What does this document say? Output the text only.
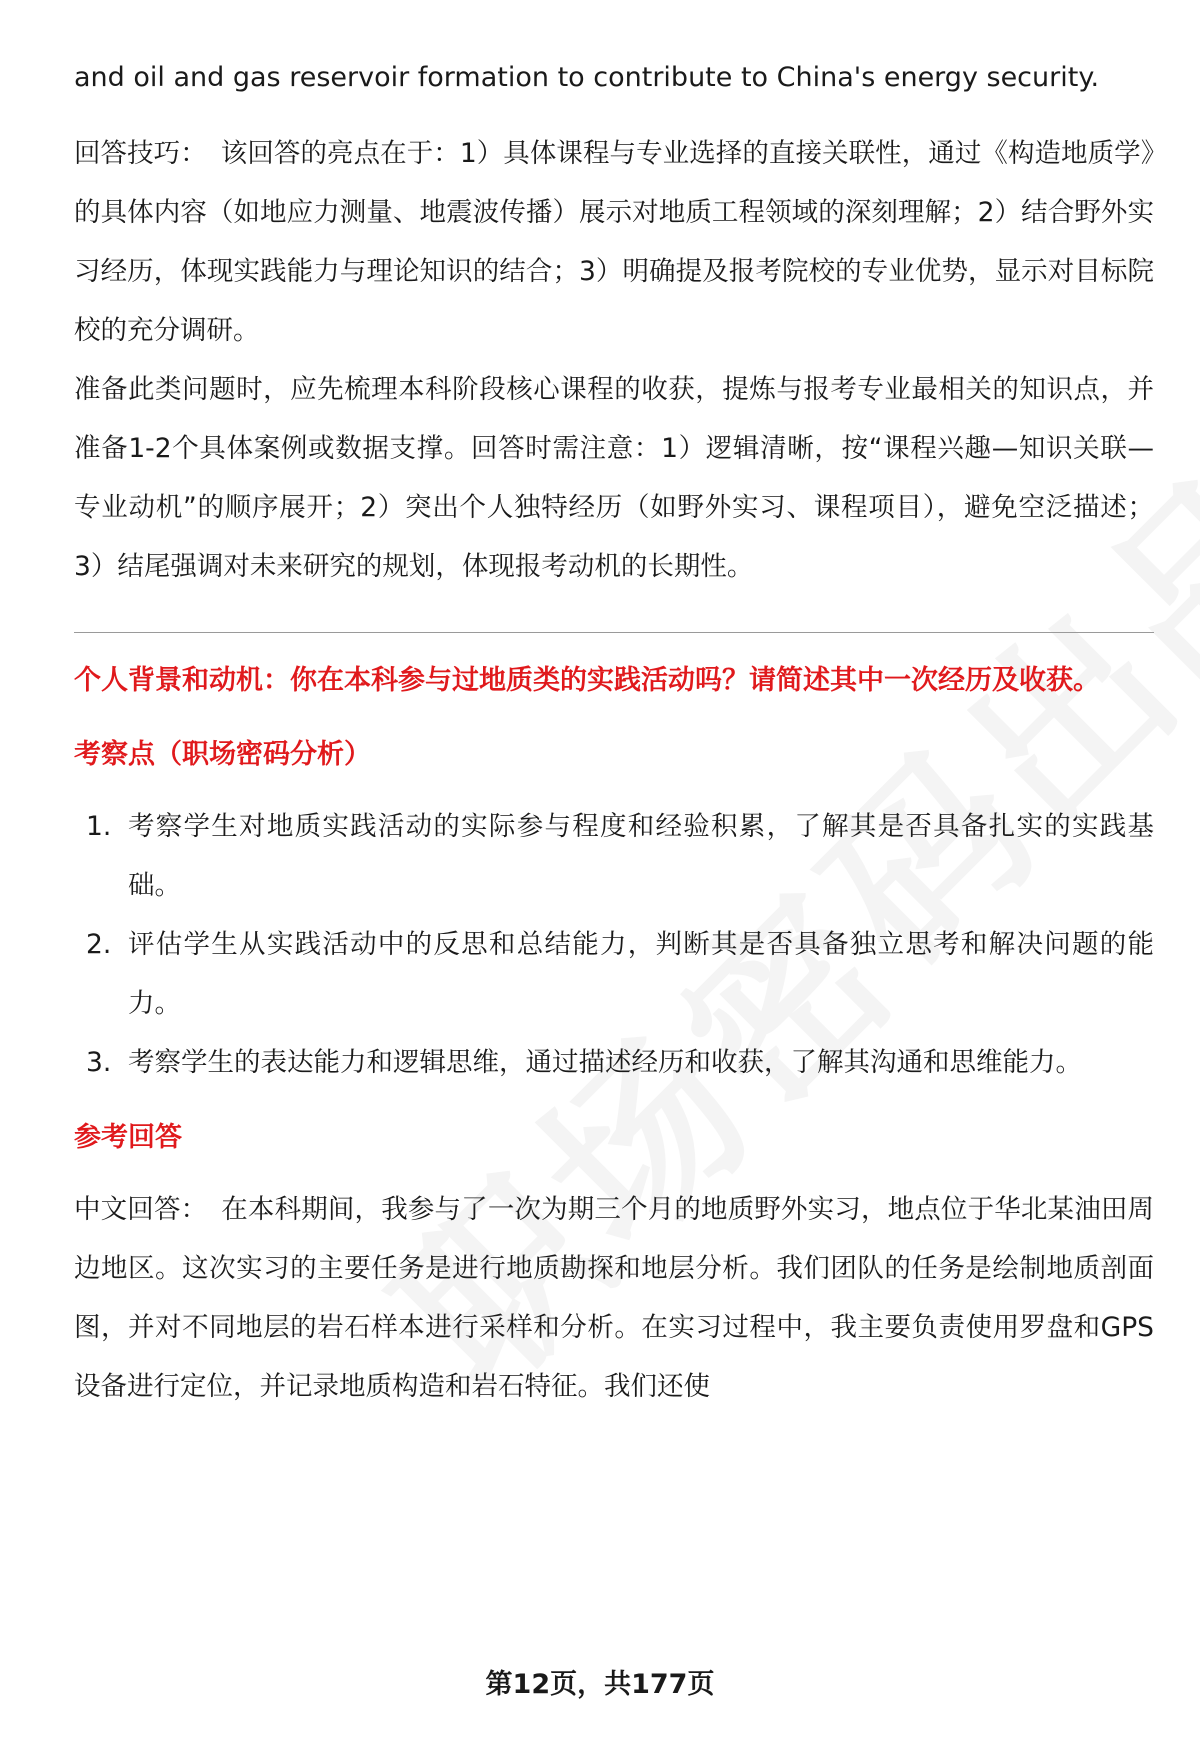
and oil and gas reservoir formation to contribute to China's energy security.

回答技巧： 该回答的亮点在于：1）具体课程与专业选择的直接关联性，通过《构造地质学》的具体内容（如地应力测量、地震波传播）展示对地质工程领域的深刻理解；2）结合野外实习经历，体现实践能力与理论知识的结合；3）明确提及报考院校的专业优势，显示对目标院校的充分调研。

准备此类问题时，应先梳理本科阶段核心课程的收获，提炼与报考专业最相关的知识点，并准备1-2个具体案例或数据支撑。回答时需注意：1）逻辑清晰，按“课程兴趣—知识关联—专业动机”的顺序展开；2）突出个人独特经历（如野外实习、课程项目），避免空泛描述；3）结尾强调对未来研究的规划，体现报考动机的长期性。

个人背景和动机：你在本科参与过地质类的实践活动吗？请简述其中一次经历及收获。

考察点（职场密码分析）

1. 考察学生对地质实践活动的实际参与程度和经验积累，了解其是否具备扎实的实践基础。
2. 评估学生从实践活动中的反思和总结能力，判断其是否具备独立思考和解决问题的能力。
3. 考察学生的表达能力和逻辑思维，通过描述经历和收获，了解其沟通和思维能力。

参考回答

中文回答： 在本科期间，我参与了一次为期三个月的地质野外实习，地点位于华北某油田周边地区。这次实习的主要任务是进行地质勘探和地层分析。我们团队的任务是绘制地质剖面图，并对不同地层的岩石样本进行采样和分析。在实习过程中，我主要负责使用罗盘和GPS设备进行定位，并记录地质构造和岩石特征。我们还使

第12页，共177页
